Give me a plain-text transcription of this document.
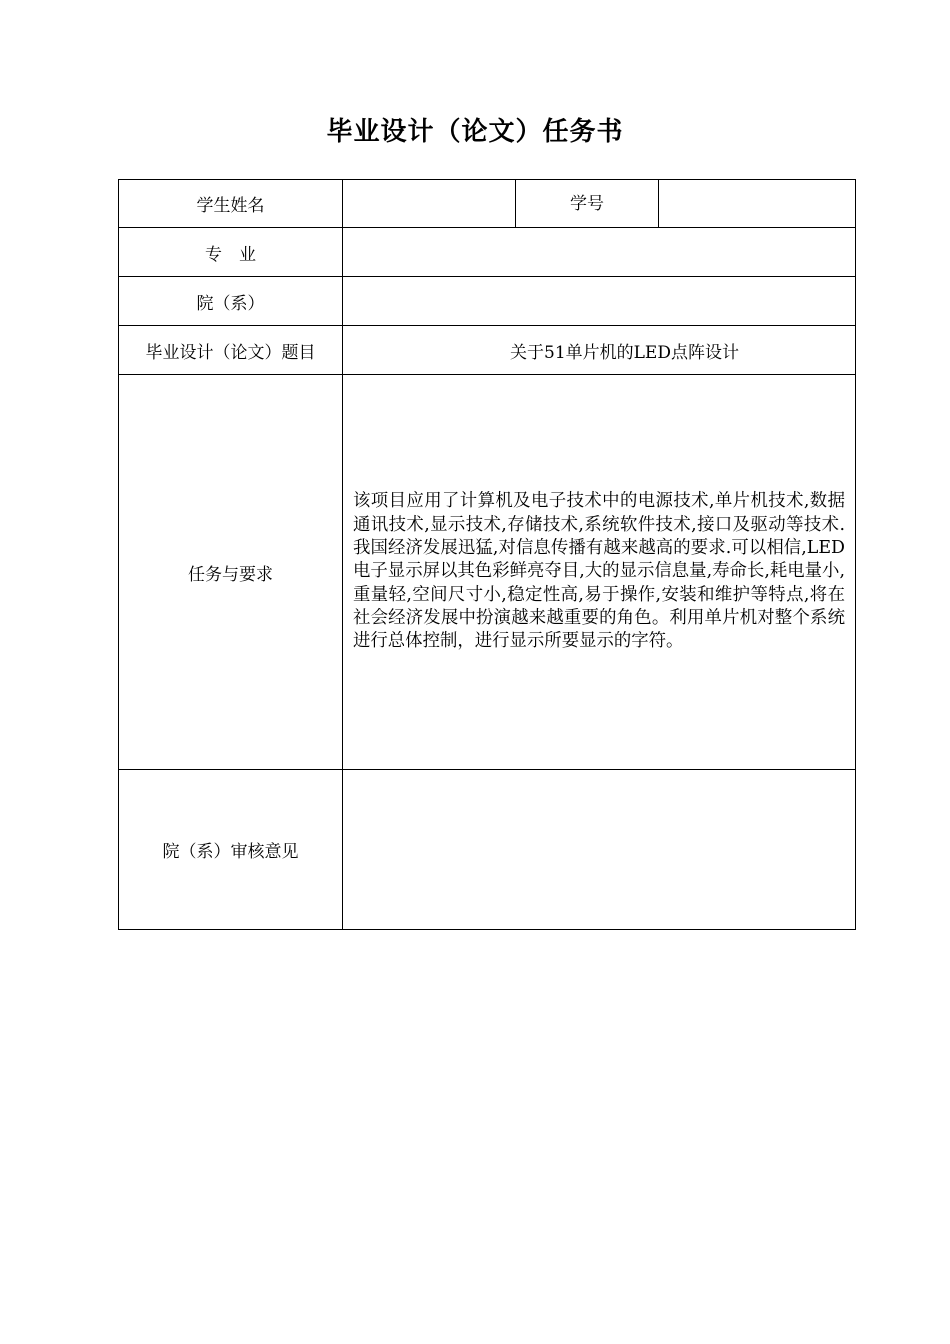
毕业设计（论文）任务书
学生姓名		学号	

专　业			
院（系）			
毕业设计（论文）题目	关于51单片机的LED点阵设计		

任务与要求	该项目应用了计算机及电子技术中的电源技术,单片机技术,数据通讯技术,显示技术,存储技术,系统软件技术,接口及驱动等技术.我国经济发展迅猛,对信息传播有越来越高的要求.可以相信,LED电子显示屏以其色彩鲜亮夺目,大的显示信息量,寿命长,耗电量小,重量轻,空间尺寸小,稳定性高,易于操作,安装和维护等特点,将在社会经济发展中扮演越来越重要的角色。利用单片机对整个系统进行总体控制，进行显示所要显示的字符。		

院（系）审核意见			
